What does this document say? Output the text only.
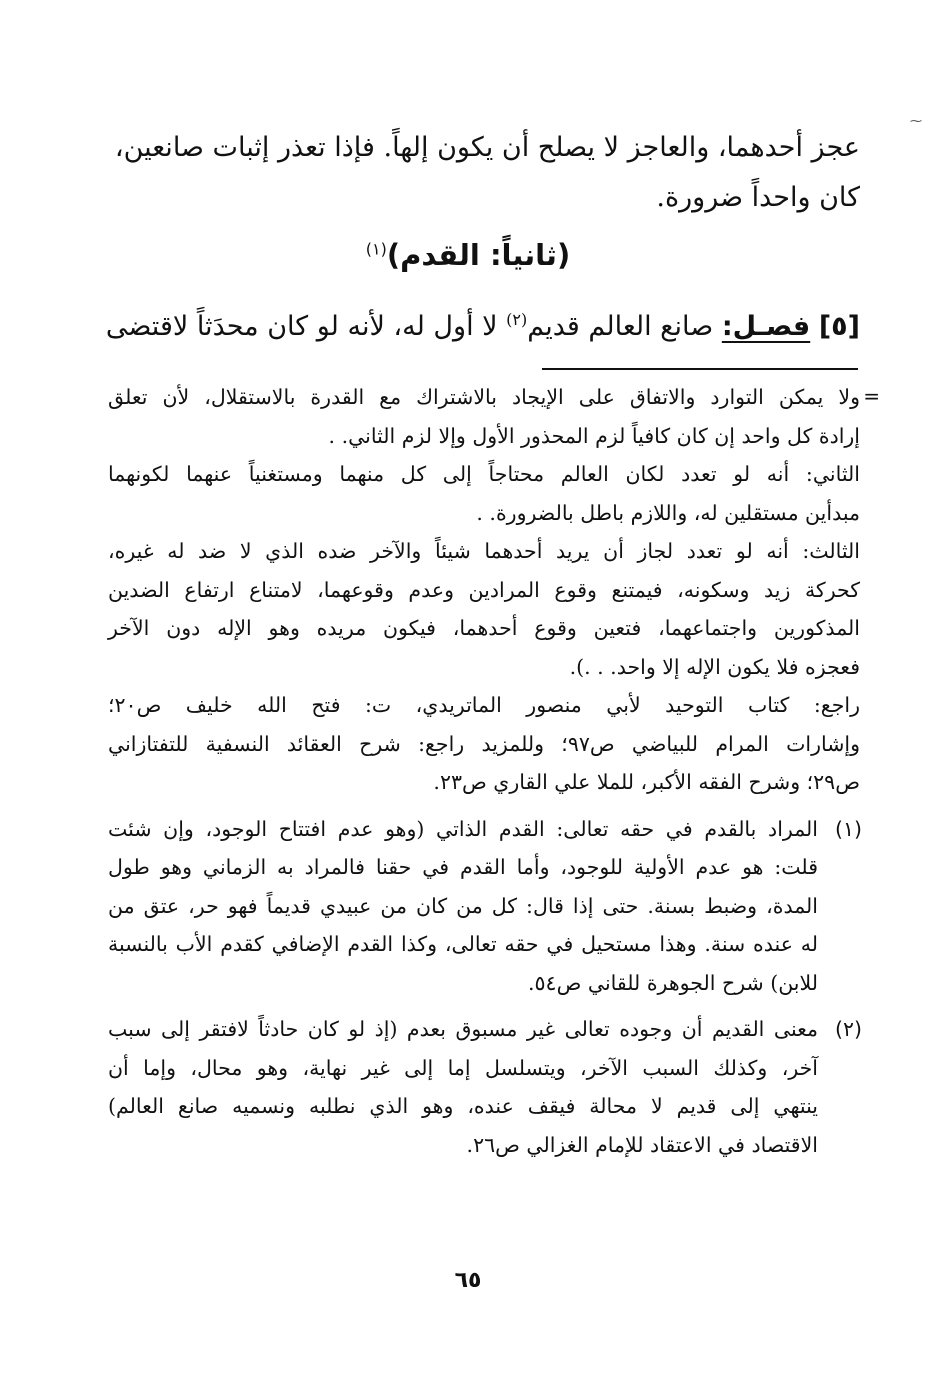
⁓
عجز أحدهما، والعاجز لا يصلح أن يكون إلهاً. فإذا تعذر إثبات صانعين،
كان واحداً ضرورة.
(ثانياً: القدم)$^{(١)}$
[٥] فصـل: صانع العالم قديم$^{(٢)}$ لا أول له، لأنه لو كان محدَثاً لاقتضى
=
ولا يمكن التوارد والاتفاق على الإيجاد بالاشتراك مع القدرة بالاستقلال، لأن تعلق
إرادة كل واحد إن كان كافياً لزم المحذور الأول وإلا لزم الثاني. .
الثاني: أنه لو تعدد لكان العالم محتاجاً إلى كل منهما ومستغنياً عنهما لكونهما
مبدأين مستقلين له، واللازم باطل بالضرورة. .
الثالث: أنه لو تعدد لجاز أن يريد أحدهما شيئاً والآخر ضده الذي لا ضد له غيره،
كحركة زيد وسكونه، فيمتنع وقوع المرادين وعدم وقوعهما، لامتناع ارتفاع الضدين
المذكورين واجتماعهما، فتعين وقوع أحدهما، فيكون مريده وهو الإله دون الآخر
فعجزه فلا يكون الإله إلا واحد. . .).
راجع: كتاب التوحيد لأبي منصور الماتريدي، ت: فتح الله خليف ص٢٠؛
وإشارات المرام للبياضي ص٩٧؛ وللمزيد راجع: شرح العقائد النسفية للتفتازاني
ص٢٩؛ وشرح الفقه الأكبر، للملا علي القاري ص٢٣.
(١)
المراد بالقدم في حقه تعالى: القدم الذاتي (وهو عدم افتتاح الوجود، وإن شئت
قلت: هو عدم الأولية للوجود، وأما القدم في حقنا فالمراد به الزماني وهو طول
المدة، وضبط بسنة. حتى إذا قال: كل من كان من عبيدي قديماً فهو حر، عتق من
له عنده سنة. وهذا مستحيل في حقه تعالى، وكذا القدم الإضافي كقدم الأب بالنسبة
للابن) شرح الجوهرة للقاني ص٥٤.
(٢)
معنى القديم أن وجوده تعالى غير مسبوق بعدم (إذ لو كان حادثاً لافتقر إلى سبب
آخر، وكذلك السبب الآخر، ويتسلسل إما إلى غير نهاية، وهو محال، وإما أن
ينتهي إلى قديم لا محالة فيقف عنده، وهو الذي نطلبه ونسميه صانع العالم)
الاقتصاد في الاعتقاد للإمام الغزالي ص٢٦.
٦٥
